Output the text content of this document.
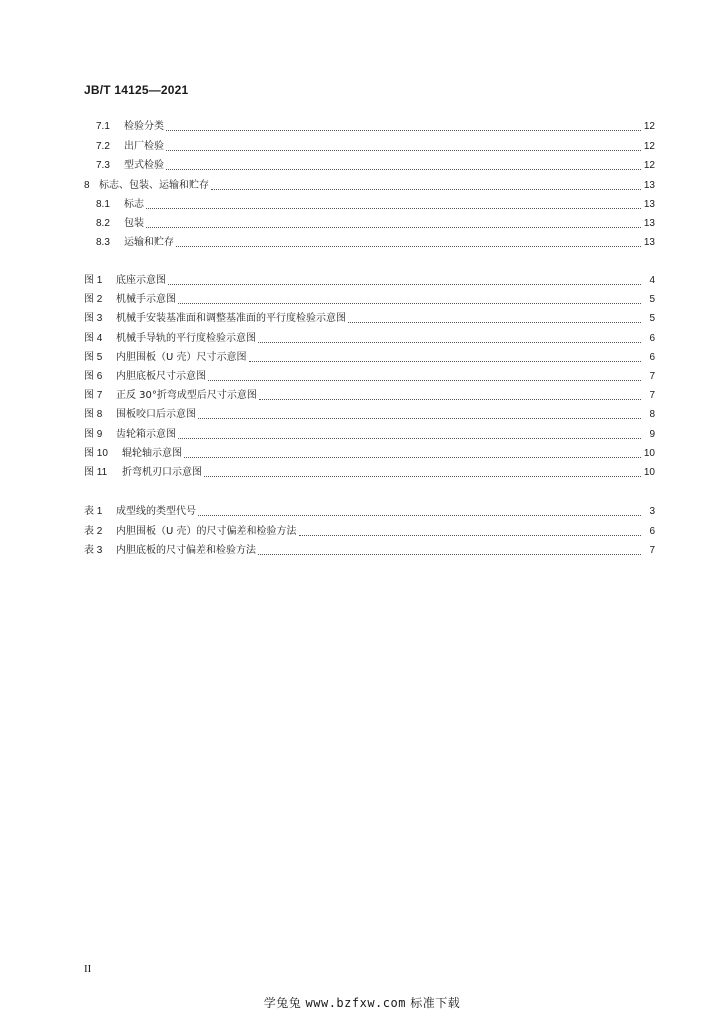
JB/T 14125—2021
7.1	检验分类	12
7.2	出厂检验	12
7.3	型式检验	12
8 标志、包装、运输和贮存	13
8.1	标志	13
8.2	包装	13
8.3	运输和贮存	13
图 1	底座示意图	4
图 2	机械手示意图	5
图 3	机械手安装基准面和调整基准面的平行度检验示意图	5
图 4	机械手导轨的平行度检验示意图	6
图 5	内胆围板（U 壳）尺寸示意图	6
图 6	内胆底板尺寸示意图	7
图 7	正反 30°折弯成型后尺寸示意图	7
图 8	围板咬口后示意图	8
图 9	齿轮箱示意图	9
图 10	辊轮轴示意图	10
图 11	折弯机刃口示意图	10
表 1	成型线的类型代号	3
表 2	内胆围板（U 壳）的尺寸偏差和检验方法	6
表 3	内胆底板的尺寸偏差和检验方法	7
II
学兔兔 www.bzfxw.com 标准下载
